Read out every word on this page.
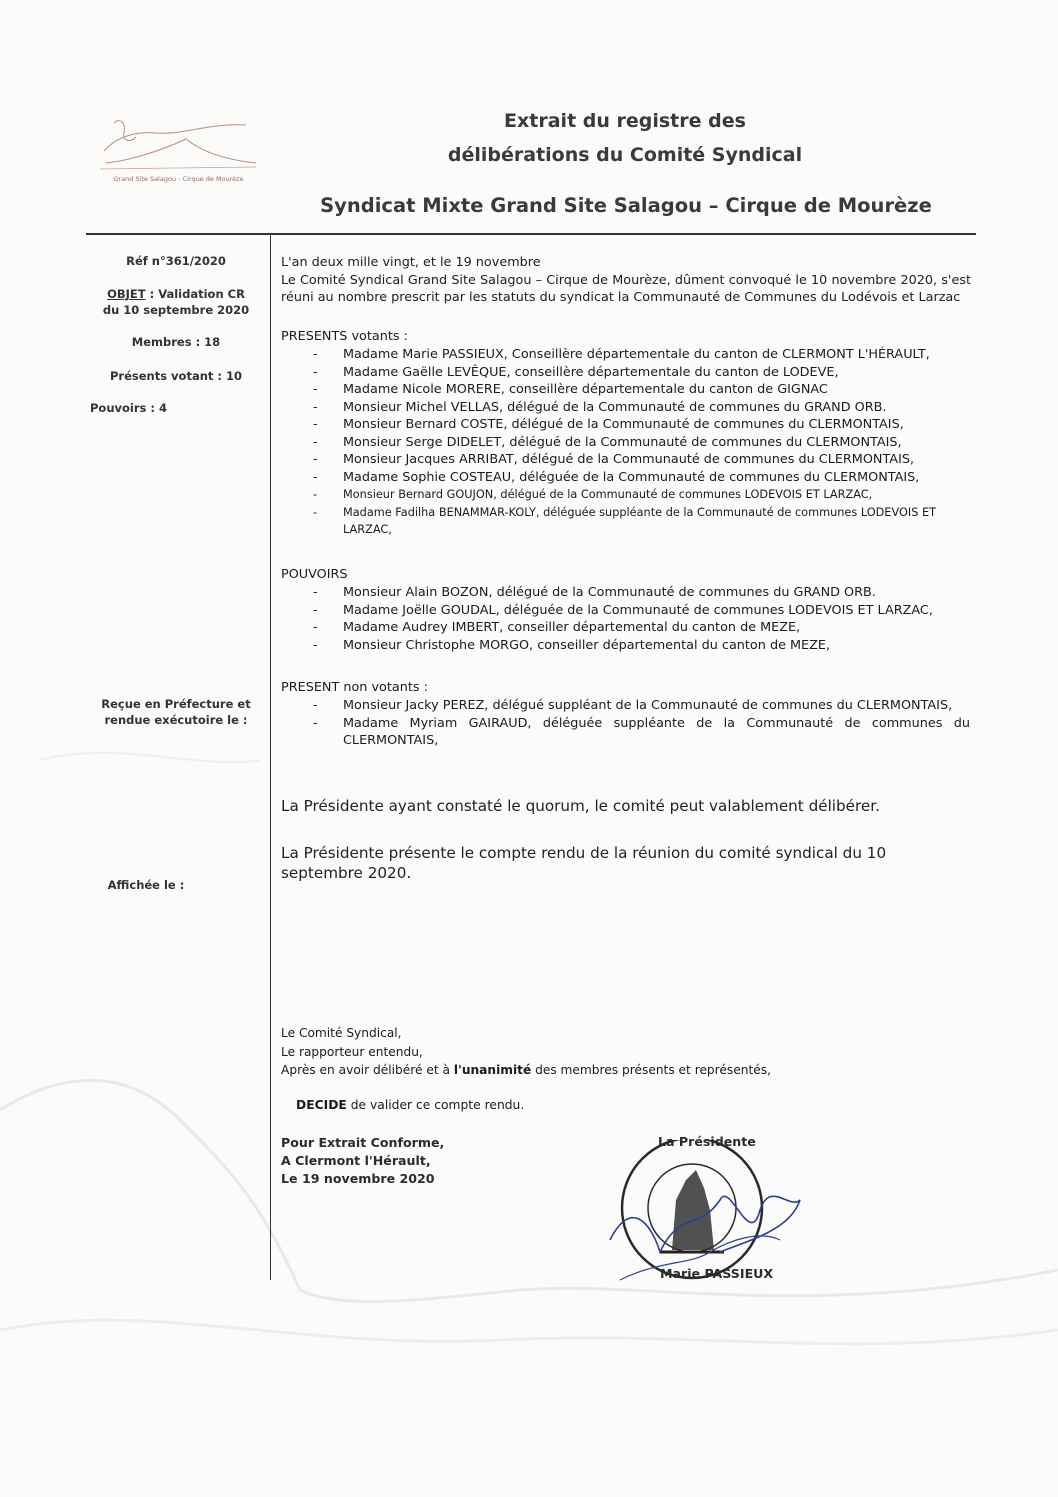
Grand Site Salagou - Cirque de Mourèze
Extrait du registre des
délibérations du Comité Syndical
Syndicat Mixte Grand Site Salagou – Cirque de Mourèze
Réf n°361/2020
OBJET : Validation CR
du 10 septembre 2020
Membres : 18
Présents votant : 10
Pouvoirs : 4
Reçue en Préfecture et
rendue exécutoire le :
Affichée le :
L'an deux mille vingt, et le 19 novembre
Le Comité Syndical Grand Site Salagou – Cirque de Mourèze, dûment convoqué le 10 novembre 2020, s'est réuni au nombre prescrit par les statuts du syndicat la Communauté de Communes du Lodévois et Larzac
PRESENTS votants :
- Madame Marie PASSIEUX, Conseillère départementale du canton de CLERMONT L'HÉRAULT,
- Madame Gaëlle LEVÊQUE, conseillère départementale du canton de LODEVE,
- Madame Nicole MORERE, conseillère départementale du canton de GIGNAC
- Monsieur Michel VELLAS, délégué de la Communauté de communes du GRAND ORB.
- Monsieur Bernard COSTE, délégué de la Communauté de communes du CLERMONTAIS,
- Monsieur Serge DIDELET, délégué de la Communauté de communes du CLERMONTAIS,
- Monsieur Jacques ARRIBAT, délégué de la Communauté de communes du CLERMONTAIS,
- Madame Sophie COSTEAU, déléguée de la Communauté de communes du CLERMONTAIS,
- Monsieur Bernard GOUJON, délégué de la Communauté de communes LODEVOIS ET LARZAC,
- Madame Fadilha BENAMMAR-KOLY, déléguée suppléante de la Communauté de communes LODEVOIS ET LARZAC,
POUVOIRS
- Monsieur Alain BOZON, délégué de la Communauté de communes du GRAND ORB.
- Madame Joëlle GOUDAL, déléguée de la Communauté de communes LODEVOIS ET LARZAC,
- Madame Audrey IMBERT, conseiller départemental du canton de MEZE,
- Monsieur Christophe MORGO, conseiller départemental du canton de MEZE,
PRESENT non votants :
- Monsieur Jacky PEREZ, délégué suppléant de la Communauté de communes du CLERMONTAIS,
- Madame Myriam GAIRAUD, déléguée suppléante de la Communauté de communes du CLERMONTAIS,
La Présidente ayant constaté le quorum, le comité peut valablement délibérer.
La Présidente présente le compte rendu de la réunion du comité syndical du 10 septembre 2020.
Le Comité Syndical,
Le rapporteur entendu,
Après en avoir délibéré et à l'unanimité des membres présents et représentés,
DECIDE de valider ce compte rendu.
Pour Extrait Conforme,
A Clermont l'Hérault,
Le 19 novembre 2020
La Présidente
Marie PASSIEUX
